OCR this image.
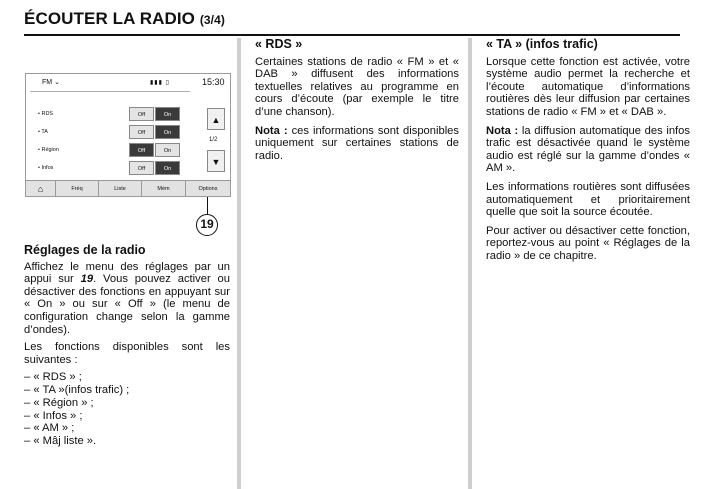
ÉCOUTER LA RADIO (3/4)
FM ⌄	▮▮▮ ▯	15:30
• RDS	Off	On
• TA	Off	On
• Région	Off	On
• Infos	Off	On
▲
1/2
▼
⌂	Fréq	Liste	Mém	Options
19
Réglages de la radio

Affichez le menu des réglages par un appui sur 19. Vous pouvez activer ou désactiver des fonctions en appuyant sur « On » ou sur « Off » (le menu de configuration change selon la gamme d’ondes).

Les fonctions disponibles sont les suivantes :

– « RDS » ;
– « TA »(infos trafic) ;
– « Région » ;
– « Infos » ;
– « AM » ;
– « Mâj liste ».
« RDS »

Certaines stations de radio « FM » et « DAB » diffusent des informations textuelles relatives au programme en cours d’écoute (par exemple le titre d’une chanson).

Nota : ces informations sont disponibles uniquement sur certaines stations de radio.

« TA » (infos trafic)

Lorsque cette fonction est activée, votre système audio permet la recherche et l’écoute automatique d’informations routières dès leur diffusion par certaines stations de radio « FM » et « DAB ».

Nota : la diffusion automatique des infos trafic est désactivée quand le système audio est réglé sur la gamme d’ondes « AM ».

Les informations routières sont diffusées automatiquement et prioritairement quelle que soit la source écoutée.

Pour activer ou désactiver cette fonction, reportez-vous au point « Réglages de la radio » de ce chapitre.
